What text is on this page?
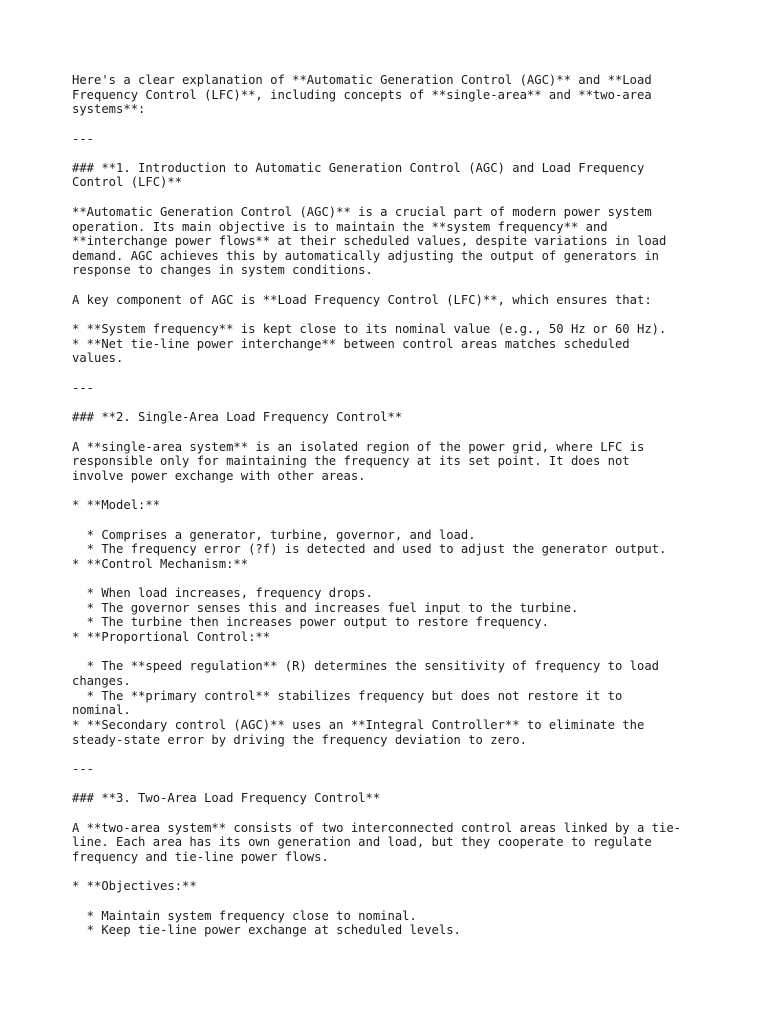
Here's a clear explanation of **Automatic Generation Control (AGC)** and **Load

Frequency Control (LFC)**, including concepts of **single-area** and **two-area

systems**:

---

### **1. Introduction to Automatic Generation Control (AGC) and Load Frequency

Control (LFC)**

**Automatic Generation Control (AGC)** is a crucial part of modern power system

operation. Its main objective is to maintain the **system frequency** and

**interchange power flows** at their scheduled values, despite variations in load

demand. AGC achieves this by automatically adjusting the output of generators in

response to changes in system conditions.

A key component of AGC is **Load Frequency Control (LFC)**, which ensures that:

* **System frequency** is kept close to its nominal value (e.g., 50 Hz or 60 Hz).

* **Net tie-line power interchange** between control areas matches scheduled

values.

---

### **2. Single-Area Load Frequency Control**

A **single-area system** is an isolated region of the power grid, where LFC is

responsible only for maintaining the frequency at its set point. It does not

involve power exchange with other areas.

* **Model:**

* Comprises a generator, turbine, governor, and load.

* The frequency error (?f) is detected and used to adjust the generator output.

* **Control Mechanism:**

* When load increases, frequency drops.

* The governor senses this and increases fuel input to the turbine.

* The turbine then increases power output to restore frequency.

* **Proportional Control:**

* The **speed regulation** (R) determines the sensitivity of frequency to load

changes.

* The **primary control** stabilizes frequency but does not restore it to

nominal.

* **Secondary control (AGC)** uses an **Integral Controller** to eliminate the

steady-state error by driving the frequency deviation to zero.

---

### **3. Two-Area Load Frequency Control**

A **two-area system** consists of two interconnected control areas linked by a tie-

line. Each area has its own generation and load, but they cooperate to regulate

frequency and tie-line power flows.

* **Objectives:**

* Maintain system frequency close to nominal.

* Keep tie-line power exchange at scheduled levels.
